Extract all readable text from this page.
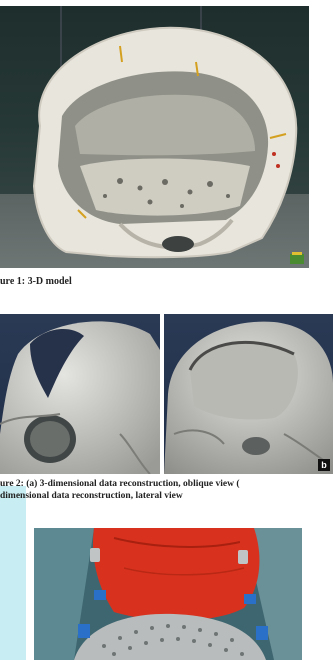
ure 1: 3-D model
b
ure 2: (a) 3-dimensional data reconstruction, oblique view (
dimensional data reconstruction, lateral view
